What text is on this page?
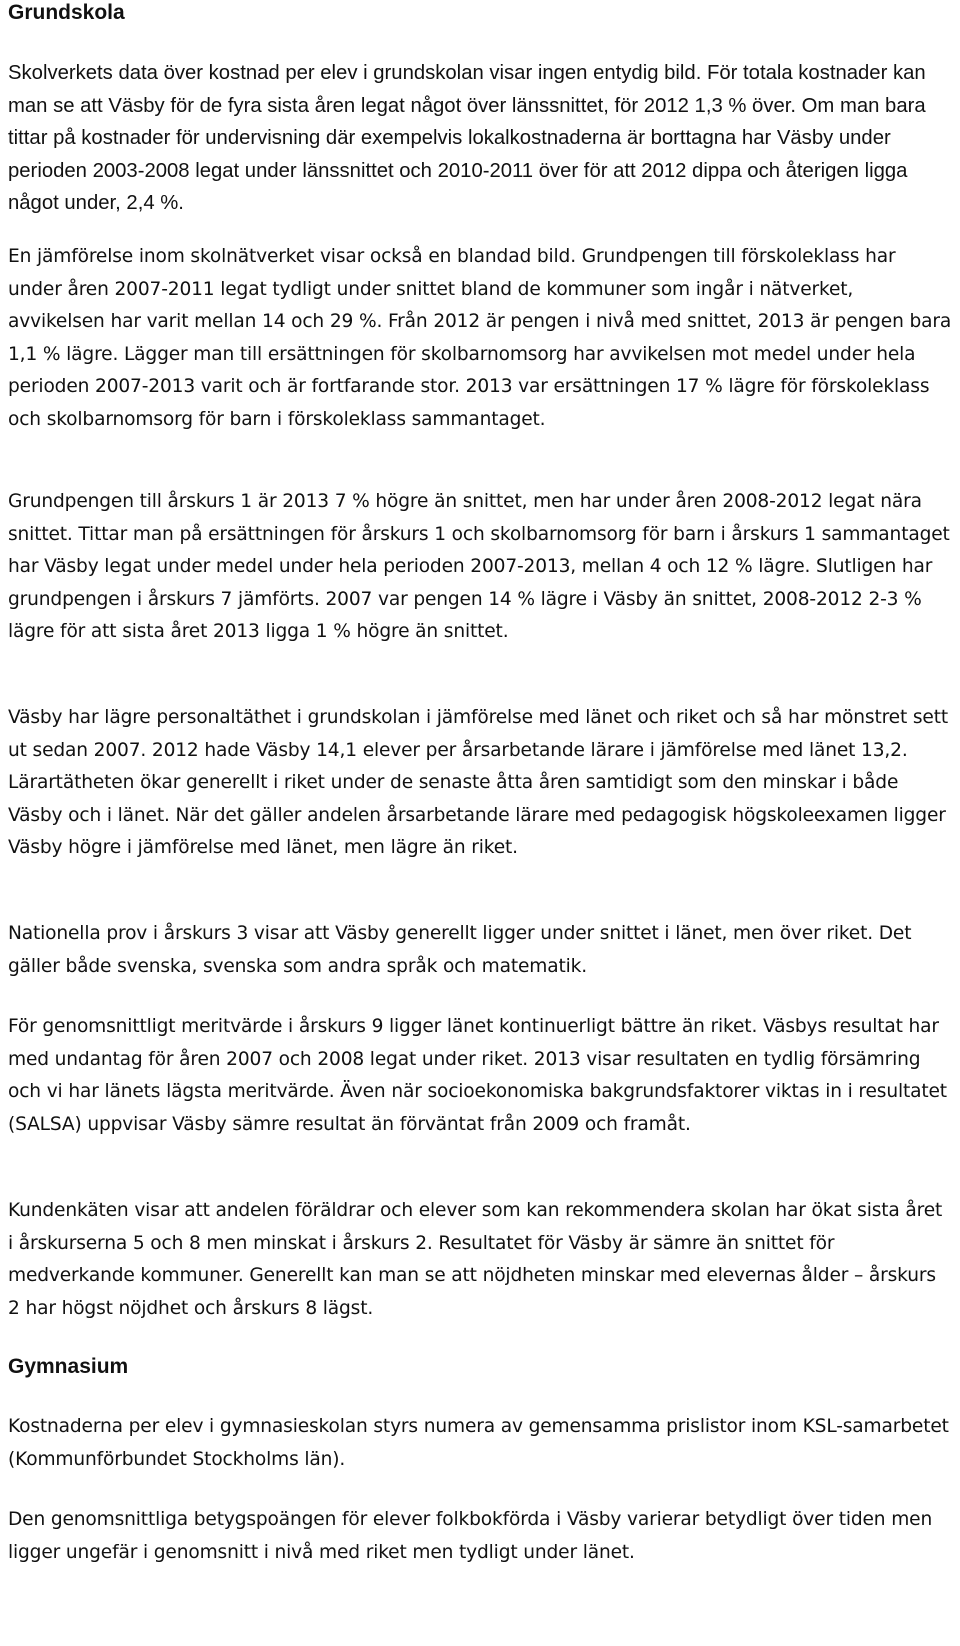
Grundskola

Skolverkets data över kostnad per elev i grundskolan visar ingen entydig bild. För totala kostnader kan man se att Väsby för de fyra sista åren legat något över länssnittet, för 2012 1,3 % över. Om man bara tittar på kostnader för undervisning där exempelvis lokalkostnaderna är borttagna har Väsby under perioden 2003-2008 legat under länssnittet och 2010-2011 över för att 2012 dippa och återigen ligga något under, 2,4 %.

En jämförelse inom skolnätverket visar också en blandad bild. Grundpengen till förskoleklass har under åren 2007-2011 legat tydligt under snittet bland de kommuner som ingår i nätverket, avvikelsen har varit mellan 14 och 29 %. Från 2012 är pengen i nivå med snittet, 2013 är pengen bara 1,1 % lägre. Lägger man till ersättningen för skolbarnomsorg har avvikelsen mot medel under hela perioden 2007-2013 varit och är fortfarande stor. 2013 var ersättningen 17 % lägre för förskoleklass och skolbarnomsorg för barn i förskoleklass sammantaget.

Grundpengen till årskurs 1 är 2013 7 % högre än snittet, men har under åren 2008-2012 legat nära snittet. Tittar man på ersättningen för årskurs 1 och skolbarnomsorg för barn i årskurs 1 sammantaget har Väsby legat under medel under hela perioden 2007-2013, mellan 4 och 12 % lägre. Slutligen har grundpengen i årskurs 7 jämförts. 2007 var pengen 14 % lägre i Väsby än snittet, 2008-2012 2-3 % lägre för att sista året 2013 ligga 1 % högre än snittet.

Väsby har lägre personaltäthet i grundskolan i jämförelse med länet och riket och så har mönstret sett ut sedan 2007. 2012 hade Väsby 14,1 elever per årsarbetande lärare i jämförelse med länet 13,2. Lärartätheten ökar generellt i riket under de senaste åtta åren samtidigt som den minskar i både Väsby och i länet. När det gäller andelen årsarbetande lärare med pedagogisk högskoleexamen ligger Väsby högre i jämförelse med länet, men lägre än riket.

Nationella prov i årskurs 3 visar att Väsby generellt ligger under snittet i länet, men över riket. Det gäller både svenska, svenska som andra språk och matematik.

För genomsnittligt meritvärde i årskurs 9 ligger länet kontinuerligt bättre än riket. Väsbys resultat har med undantag för åren 2007 och 2008 legat under riket. 2013 visar resultaten en tydlig försämring och vi har länets lägsta meritvärde. Även när socioekonomiska bakgrundsfaktorer viktas in i resultatet (SALSA) uppvisar Väsby sämre resultat än förväntat från 2009 och framåt.

Kundenkäten visar att andelen föräldrar och elever som kan rekommendera skolan har ökat sista året i årskurserna 5 och 8 men minskat i årskurs 2. Resultatet för Väsby är sämre än snittet för medverkande kommuner. Generellt kan man se att nöjdheten minskar med elevernas ålder – årskurs 2 har högst nöjdhet och årskurs 8 lägst.

Gymnasium

Kostnaderna per elev i gymnasieskolan styrs numera av gemensamma prislistor inom KSL-samarbetet (Kommunförbundet Stockholms län).

Den genomsnittliga betygspoängen för elever folkbokförda i Väsby varierar betydligt över tiden men ligger ungefär i genomsnitt i nivå med riket men tydligt under länet.
